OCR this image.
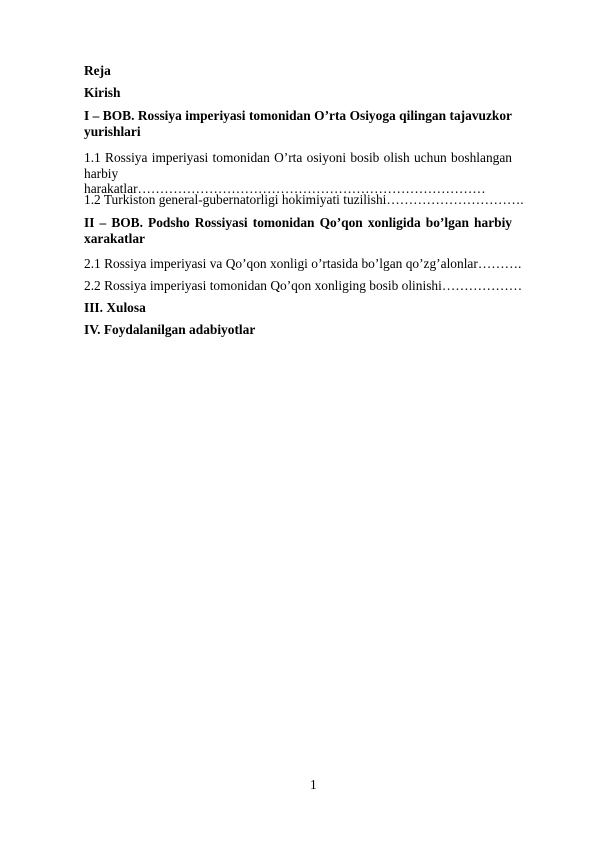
Reja

Kirish

I – BOB. Rossiya imperiyasi tomonidan O’rta Osiyoga qilingan tajavuzkor yurishlari

1.1 Rossiya imperiyasi tomonidan O’rta osiyoni bosib olish uchun boshlangan harbiy harakatlar……………………………………………………………………

1.2 Turkiston general-gubernatorligi hokimiyati tuzilishi………………………….

II – BOB. Podsho Rossiyasi tomonidan Qo’qon xonligida bo’lgan harbiy xarakatlar

2.1 Rossiya imperiyasi va Qo’qon xonligi o’rtasida bo’lgan qo’zg’alonlar……….

2.2 Rossiya imperiyasi tomonidan Qo’qon xonliging bosib olinishi………………

III. Xulosa

IV. Foydalanilgan adabiyotlar

1
